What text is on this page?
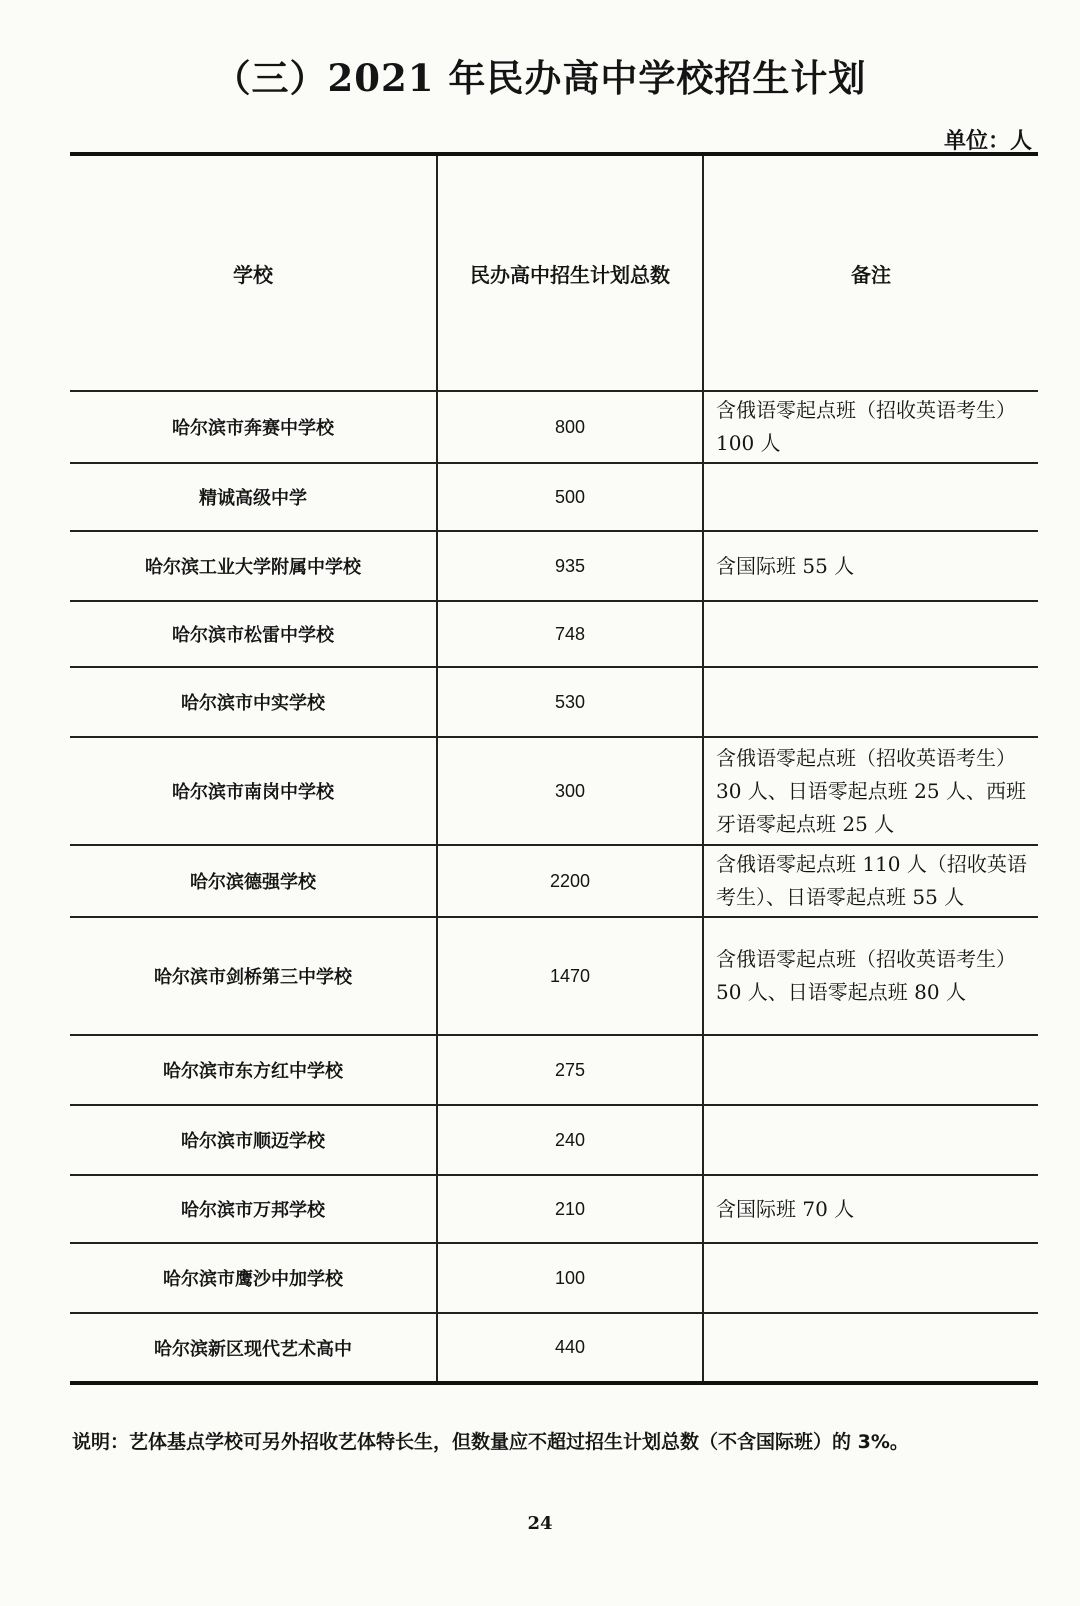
（三）2021 年民办高中学校招生计划
单位：人
学校	民办高中招生计划总数	备注
哈尔滨市奔赛中学校	800	含俄语零起点班（招收英语考生）100 人
精诚高级中学	500	
哈尔滨工业大学附属中学校	935	含国际班 55 人
哈尔滨市松雷中学校	748	
哈尔滨市中实学校	530	
哈尔滨市南岗中学校	300	含俄语零起点班（招收英语考生）30 人、日语零起点班 25 人、西班牙语零起点班 25 人
哈尔滨德强学校	2200	含俄语零起点班 110 人（招收英语考生）、日语零起点班 55 人
哈尔滨市剑桥第三中学校	1470	含俄语零起点班（招收英语考生）50 人、日语零起点班 80 人
哈尔滨市东方红中学校	275	
哈尔滨市顺迈学校	240	
哈尔滨市万邦学校	210	含国际班 70 人
哈尔滨市鹰沙中加学校	100	
哈尔滨新区现代艺术高中	440	
说明：艺体基点学校可另外招收艺体特长生，但数量应不超过招生计划总数（不含国际班）的 3%。
24
